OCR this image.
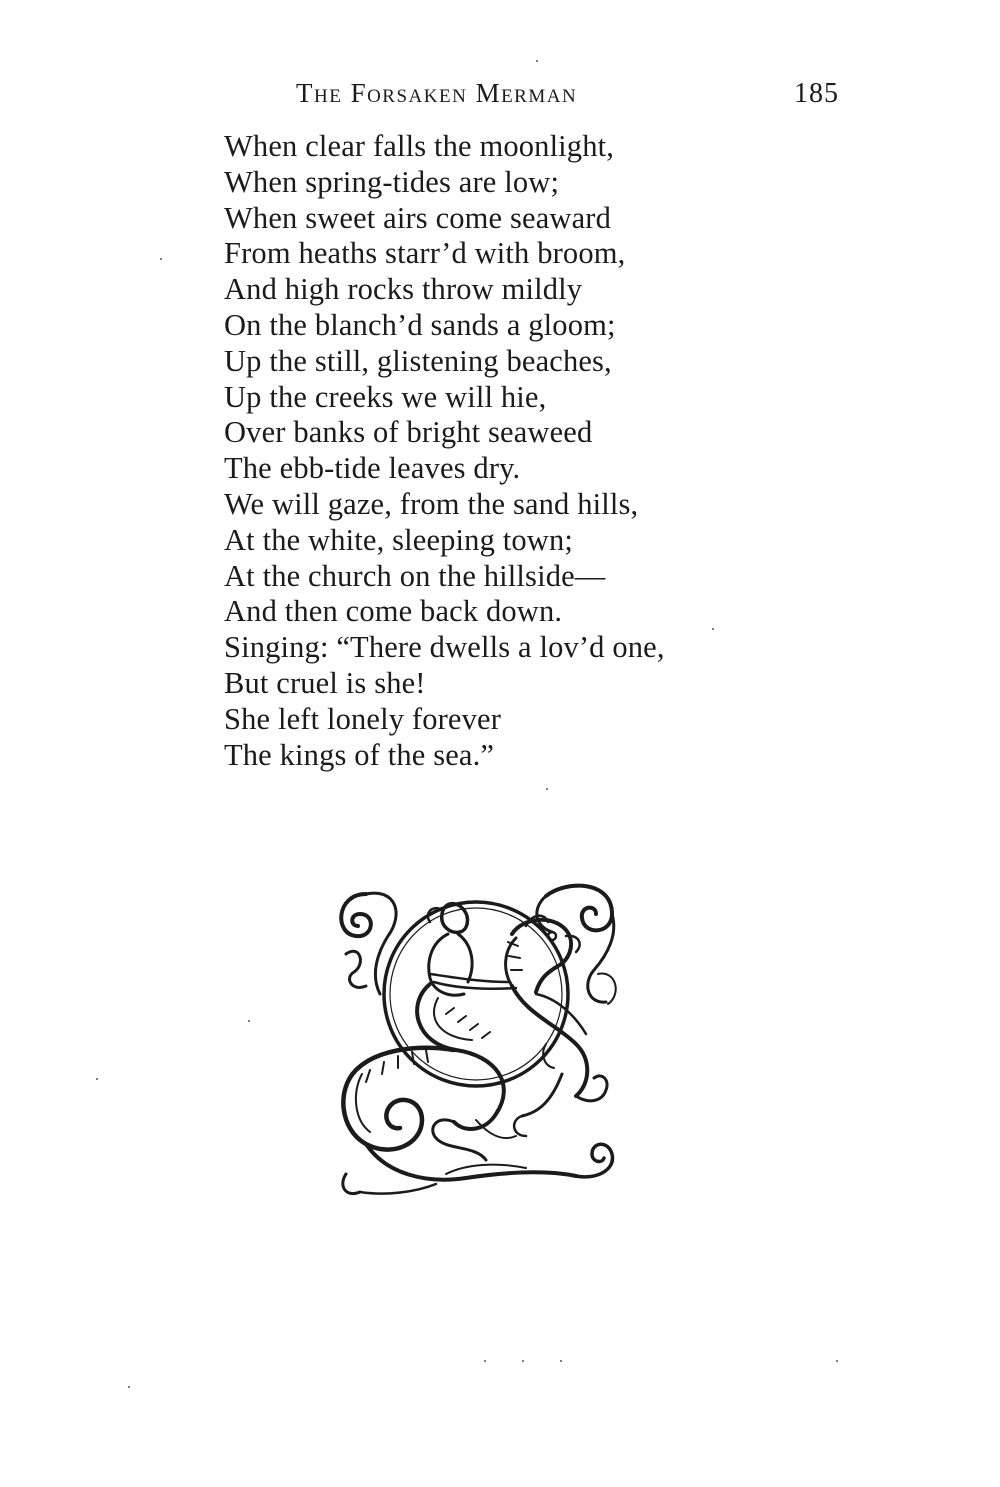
The Forsaken Merman	185
When clear falls the moonlight,
When spring-tides are low;
When sweet airs come seaward
From heaths starr’d with broom,
And high rocks throw mildly
On the blanch’d sands a gloom;
Up the still, glistening beaches,
Up the creeks we will hie,
Over banks of bright seaweed
The ebb-tide leaves dry.
We will gaze, from the sand hills,
At the white, sleeping town;
At the church on the hillside—
And then come back down.
Singing: “There dwells a lov’d one,
But cruel is she!
She left lonely forever
The kings of the sea.”
